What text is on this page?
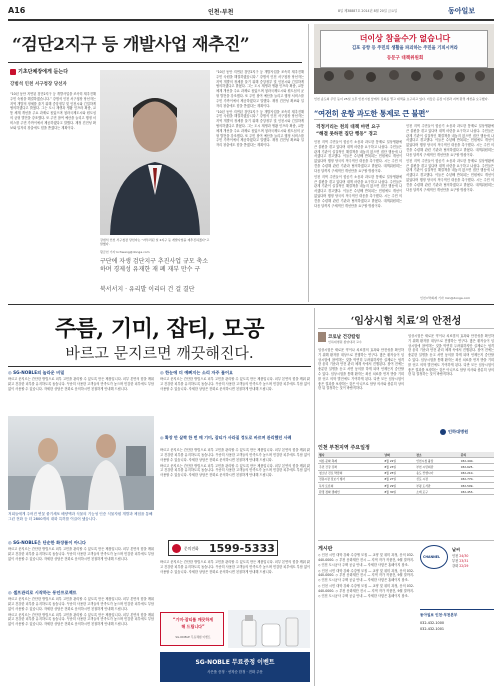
A16	인천·부천	8일 제38887호 2014년 8월 20일 금요일	동아일보
“검단2지구 등 개발사업 재추진”
기초단체장에게 듣는다
강범석 인천 서구청장 당선자

“10년 동안 지연된 검단2지구 등 개발사업을 조속히 재추진해 주민 숙원을 해결하겠습니다.” 강범석 인천 서구청장 당선자는 지역 개발의 정체를 풀기 위해 중앙정부 및 인천시와 긴밀하게 협의하겠다고 밝혔다. 그는 도시 재생과 생활 인프라 확충, 교통 체계 개선을 주요 과제로 꼽았으며 청라국제도시와 원도심의 균형 발전을 강조했다. 또 주민 참여 예산을 늘리고 행정 서비스를 주민 가까이에서 제공하겠다고 말했다. 재정 건전성 확보와 일자리 창출에도 힘을 쏟겠다는 계획이다.

강범석 인천 서구청장 당선자는 “자투리된 일 2지구 등 개발사업을 재추진하겠다”고 말했다.
황금천 기자 kchwang@donga.com
구단에 자생 검단지구 추진사업 규모 축소하며 경제성 유재한 재 폐 재부 만수 구
북서서지 · 유리발 이리터 건 걸 결단

“10년 동안 지연된 검단2지구 등 개발사업을 조속히 재추진해 주민 숙원을 해결하겠습니다.” 강범석 인천 서구청장 당선자는 지역 개발의 정체를 풀기 위해 중앙정부 및 인천시와 긴밀하게 협의하겠다고 밝혔다. 그는 도시 재생과 생활 인프라 확충, 교통 체계 개선을 주요 과제로 꼽았으며 청라국제도시와 원도심의 균형 발전을 강조했다. 또 주민 참여 예산을 늘리고 행정 서비스를 주민 가까이에서 제공하겠다고 말했다. 재정 건전성 확보와 일자리 창출에도 힘을 쏟겠다는 계획이다.

“10년 동안 지연된 검단2지구 등 개발사업을 조속히 재추진해 주민 숙원을 해결하겠습니다.” 강범석 인천 서구청장 당선자는 지역 개발의 정체를 풀기 위해 중앙정부 및 인천시와 긴밀하게 협의하겠다고 밝혔다. 그는 도시 재생과 생활 인프라 확충, 교통 체계 개선을 주요 과제로 꼽았으며 청라국제도시와 원도심의 균형 발전을 강조했다. 또 주민 참여 예산을 늘리고 행정 서비스를 주민 가까이에서 제공하겠다고 말했다. 재정 건전성 확보와 일자리 창출에도 힘을 쏟겠다는 계획이다.

더이상 참을수가 없습니다
김포 공항 등 주민의 생활을 파괴하는 주민을 기피시켜라
등문구 대책위원회
인천 송도의 주민 등이 25일 오후 인천시청 앞에서 집회를 열고 대책을 요구하고 있다. 이들은 공장 이전과 지역 환경 개선을 요구했다.
“여전히 운항 과도한 통제로 큰 불편”
걱정거리는 천의 대책 마련 요구
“해결 못하면 집단 행동” 경고

인천 지역 주민들이 항공기 소음과 과도한 통제로 일상생활에 큰 불편을 겪고 있다며 대책 마련을 요구하고 나섰다. 주민들은 관계 기관이 실질적인 해결책을 내놓지 않으면 집단 행동에 나서겠다고 경고했다. 이들은 수년째 반복되는 민원에도 개선이 없었다며 행정 당국의 적극적인 대응을 촉구했다. 시는 주민 의견을 수렴해 관련 기관과 협의하겠다고 밝혔다. 대책위원회는 다음 달까지 구체적인 개선안을 요구할 방침이다.

인천 지역 주민들이 항공기 소음과 과도한 통제로 일상생활에 큰 불편을 겪고 있다며 대책 마련을 요구하고 나섰다. 주민들은 관계 기관이 실질적인 해결책을 내놓지 않으면 집단 행동에 나서겠다고 경고했다. 이들은 수년째 반복되는 민원에도 개선이 없었다며 행정 당국의 적극적인 대응을 촉구했다. 시는 주민 의견을 수렴해 관련 기관과 협의하겠다고 밝혔다. 대책위원회는 다음 달까지 구체적인 개선안을 요구할 방침이다.

인천 지역 주민들이 항공기 소음과 과도한 통제로 일상생활에 큰 불편을 겪고 있다며 대책 마련을 요구하고 나섰다. 주민들은 관계 기관이 실질적인 해결책을 내놓지 않으면 집단 행동에 나서겠다고 경고했다. 이들은 수년째 반복되는 민원에도 개선이 없었다며 행정 당국의 적극적인 대응을 촉구했다. 시는 주민 의견을 수렴해 관련 기관과 협의하겠다고 밝혔다. 대책위원회는 다음 달까지 구체적인 개선안을 요구할 방침이다.

인천 지역 주민들이 항공기 소음과 과도한 통제로 일상생활에 큰 불편을 겪고 있다며 대책 마련을 요구하고 나섰다. 주민들은 관계 기관이 실질적인 해결책을 내놓지 않으면 집단 행동에 나서겠다고 경고했다. 이들은 수년째 반복되는 민원에도 개선이 없었다며 행정 당국의 적극적인 대응을 촉구했다. 시는 주민 의견을 수렴해 관련 기관과 협의하겠다고 밝혔다. 대책위원회는 다음 달까지 구체적인 개선안을 요구할 방침이다.

인천=박희제 기자 min@donga.com
주름, 기미, 잡티, 모공
바르고 문지르면 깨끗해진다.
◎ SG-NOBLE의 놀라운 비밀

바르고 문지르는 간단한 방법으로 피부 고민을 관리할 수 있도록 만든 제품입니다. 피부 본연의 힘을 깨워 맑고 건강한 피부를 유지하도록 돕습니다. 꾸준히 사용한 고객들의 만족도가 높으며 민감한 피부에도 부담 없이 사용할 수 있습니다. 자세한 상담은 전화로 문의하시면 친절하게 안내해 드립니다.

저희들에게 주어진 연꽃 줄기세포 배양액과 식물의 기능성 인증 식물자원 개발과 체험을 통해 그린 전화 등 더 2800개의 대화 특허를 이끌어 냈습니다.
◎ SG-NOBLE은 단순한 화장품이 아니다

바르고 문지르는 간단한 방법으로 피부 고민을 관리할 수 있도록 만든 제품입니다. 피부 본연의 힘을 깨워 맑고 건강한 피부를 유지하도록 돕습니다. 꾸준히 사용한 고객들의 만족도가 높으며 민감한 피부에도 부담 없이 사용할 수 있습니다. 자세한 상담은 전화로 문의하시면 친절하게 안내해 드립니다.

◎ 셀프관리로 시작하는 동안프로젝트

바르고 문지르는 간단한 방법으로 피부 고민을 관리할 수 있도록 만든 제품입니다. 피부 본연의 힘을 깨워 맑고 건강한 피부를 유지하도록 돕습니다. 꾸준히 사용한 고객들의 만족도가 높으며 민감한 피부에도 부담 없이 사용할 수 있습니다. 자세한 상담은 전화로 문의하시면 친절하게 안내해 드립니다.

바르고 문지르는 간단한 방법으로 피부 고민을 관리할 수 있도록 만든 제품입니다. 피부 본연의 힘을 깨워 맑고 건강한 피부를 유지하도록 돕습니다. 꾸준히 사용한 고객들의 만족도가 높으며 민감한 피부에도 부담 없이 사용할 수 있습니다. 자세한 상담은 전화로 문의하시면 친절하게 안내해 드립니다.

◎ 한눈에 더 예뻐지는 소리 자주 물어요

바르고 문지르는 간단한 방법으로 피부 고민을 관리할 수 있도록 만든 제품입니다. 피부 본연의 힘을 깨워 맑고 건강한 피부를 유지하도록 돕습니다. 꾸준히 사용한 고객들의 만족도가 높으며 민감한 피부에도 부담 없이 사용할 수 있습니다. 자세한 상담은 전화로 문의하시면 친절하게 안내해 드립니다.

◎ 확장 만 살짝 한 번 매 기미, 잡티가 사라질 정도로 바르며 관리했던 사례

바르고 문지르는 간단한 방법으로 피부 고민을 관리할 수 있도록 만든 제품입니다. 피부 본연의 힘을 깨워 맑고 건강한 피부를 유지하도록 돕습니다. 꾸준히 사용한 고객들의 만족도가 높으며 민감한 피부에도 부담 없이 사용할 수 있습니다. 자세한 상담은 전화로 문의하시면 친절하게 안내해 드립니다.

바르고 문지르는 간단한 방법으로 피부 고민을 관리할 수 있도록 만든 제품입니다. 피부 본연의 힘을 깨워 맑고 건강한 피부를 유지하도록 돕습니다. 꾸준히 사용한 고객들의 만족도가 높으며 민감한 피부에도 부담 없이 사용할 수 있습니다. 자세한 상담은 전화로 문의하시면 친절하게 안내해 드립니다.

문의전화 1599-5333

바르고 문지르는 간단한 방법으로 피부 고민을 관리할 수 있도록 만든 제품입니다. 피부 본연의 힘을 깨워 맑고 건강한 피부를 유지하도록 돕습니다. 꾸준히 사용한 고객들의 만족도가 높으며 민감한 피부에도 부담 없이 사용할 수 있습니다. 자세한 상담은 전화로 문의하시면 친절하게 안내해 드립니다.

“기미·잡티를 깨끗하게
해 드립니다”
SG-NOBLE 무료체험 이벤트
SG-NOBLE 무료증정 이벤트
사은품 증정 · 선착순 한정 · 전화 주문
‘임상시험 치료’의 안전성
코로날 건강칼럼
인하대병원 종양내과 교수

임상시험은 새로운 약이나 치료법의 효과와 안전성을 확인하기 위해 환자를 대상으로 진행하는 연구다. 많은 환자들이 임상시험에 참여하는 것을 막연히 두려워하지만 실제로는 엄격한 윤리 기준과 안전 관리 체계 속에서 진행된다. 참여 전에는 충분한 설명을 듣고 서면 동의를 하게 되며 언제든지 중단할 수 있다. 임상시험을 통해 환자는 최신 치료를 먼저 받을 기회를 얻고 의학 발전에도 기여하게 된다. 다만 모든 임상시험이 좋은 결과를 보장하는 것은 아니므로 담당 의사와 충분히 상의한 뒤 결정하는 것이 바람직하다.

임상시험은 새로운 약이나 치료법의 효과와 안전성을 확인하기 위해 환자를 대상으로 진행하는 연구다. 많은 환자들이 임상시험에 참여하는 것을 막연히 두려워하지만 실제로는 엄격한 윤리 기준과 안전 관리 체계 속에서 진행된다. 참여 전에는 충분한 설명을 듣고 서면 동의를 하게 되며 언제든지 중단할 수 있다. 임상시험을 통해 환자는 최신 치료를 먼저 받을 기회를 얻고 의학 발전에도 기여하게 된다. 다만 모든 임상시험이 좋은 결과를 보장하는 것은 아니므로 담당 의사와 충분히 상의한 뒤 결정하는 것이 바람직하다.

인하대병원
인천 부천지역 주요일정
행사	날짜	장소	문의
여름 문화 축제	8월 22일	인천시청 광장	032-440-
주민 건강 강좌	8월 23일	부천 시민회관	032-625-
청소년 진로 박람회	8월 25일	송도 컨벤시아	032-210-
전통시장 장보기 행사	8월 27일	신포 시장	032-770-
독서 토론회	8월 29일	부평 도서관	032-509-
환경 정화 캠페인	8월 30일	소래 포구	032-453-
게시판

◇ 인천 시민 대학 강좌 수강생 모집 — 교양 및 취미 과정, 문의 032-440-0000. ◇ 부천 문화재단 전시 — 지역 작가 작품전, 9월 말까지. ◇ 인천 도시공사 주택 공급 안내 — 자세한 사항은 홈페이지 참조.

◇ 인천 시민 대학 강좌 수강생 모집 — 교양 및 취미 과정, 문의 032-440-0000. ◇ 부천 문화재단 전시 — 지역 작가 작품전, 9월 말까지. ◇ 인천 도시공사 주택 공급 안내 — 자세한 사항은 홈페이지 참조.

◇ 인천 시민 대학 강좌 수강생 모집 — 교양 및 취미 과정, 문의 032-440-0000. ◇ 부천 문화재단 전시 — 지역 작가 작품전, 9월 말까지. ◇ 인천 도시공사 주택 공급 안내 — 자세한 사항은 홈페이지 참조.

CHANNEL
날씨
인천 24/30
부천 23/31
강화 22/29
동아일보 인천·부천본부
032-432-1000
032-432-1001
